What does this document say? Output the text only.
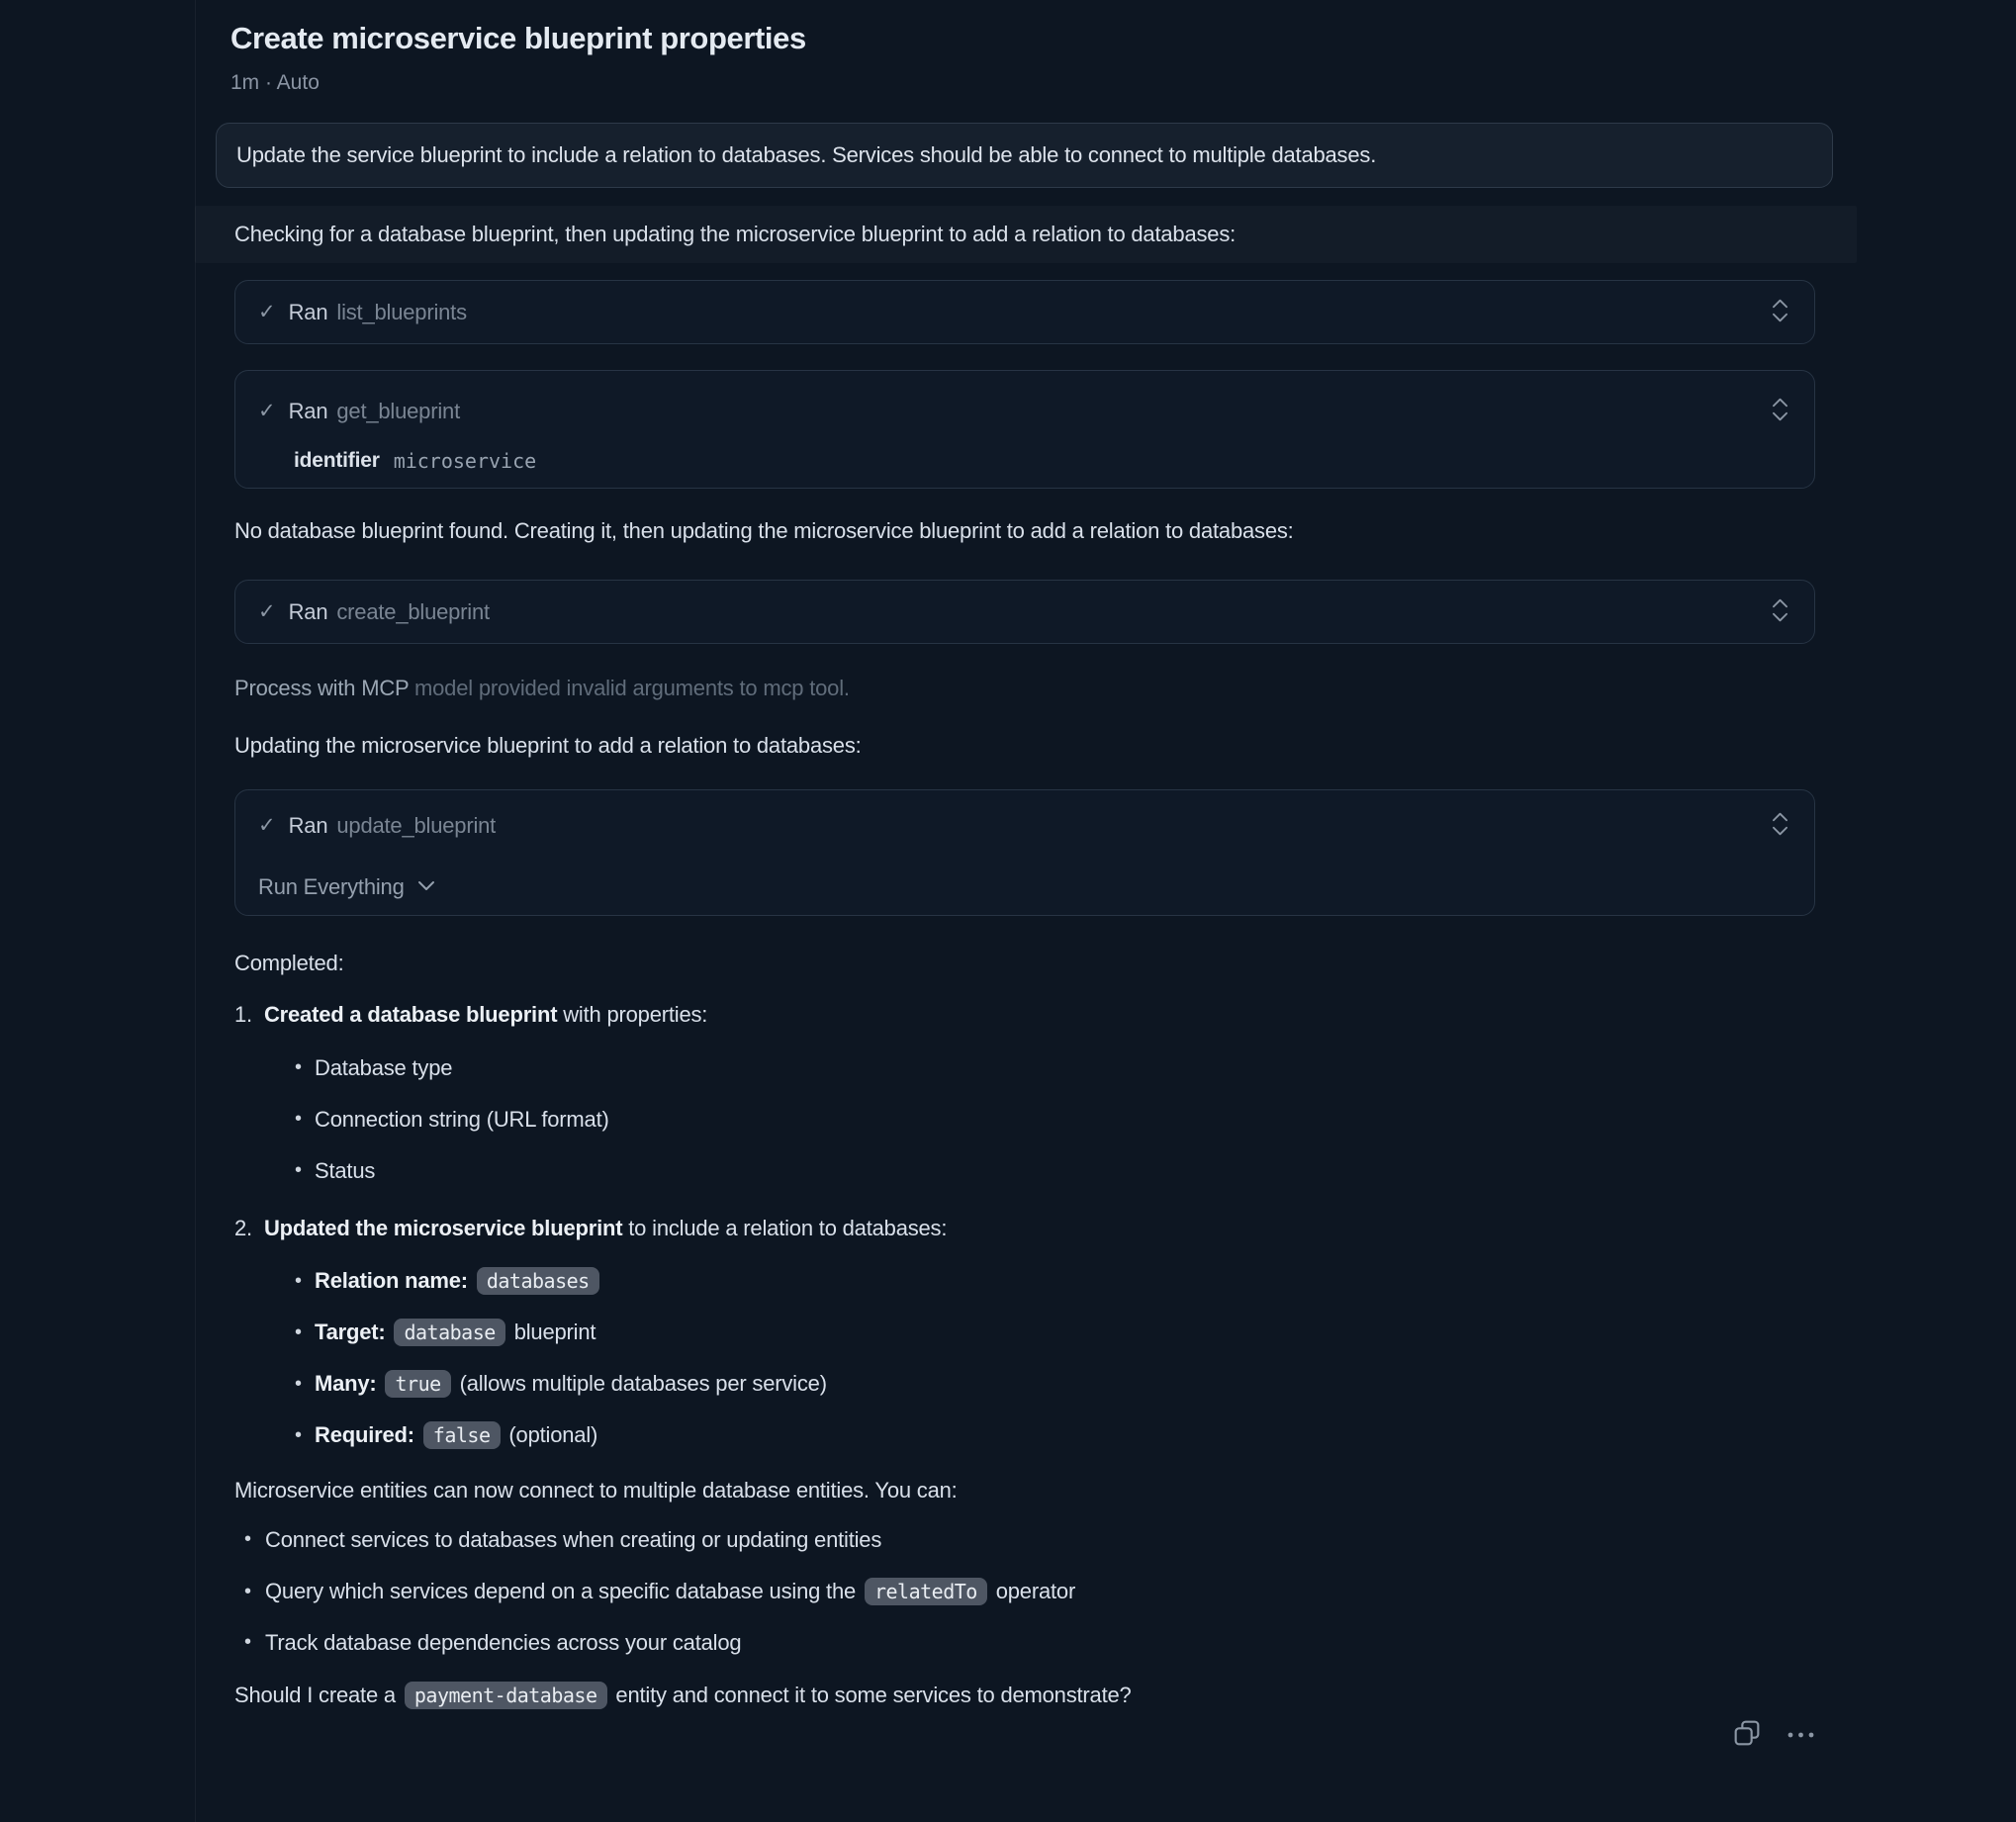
Create microservice blueprint properties
1m · Auto
Update the service blueprint to include a relation to databases. Services should be able to connect to multiple databases.

Checking for a database blueprint, then updating the microservice blueprint to add a relation to databases:

✓ Ran list_blueprints
✓ Ran get_blueprint
identifier microservice

No database blueprint found. Creating it, then updating the microservice blueprint to add a relation to databases:

✓ Ran create_blueprint

Process with MCP model provided invalid arguments to mcp tool.

Updating the microservice blueprint to add a relation to databases:

✓ Ran update_blueprint
Run Everything
Completed:
1. Created a database blueprint with properties:
• Database type
• Connection string (URL format)
• Status
2. Updated the microservice blueprint to include a relation to databases:
• Relation name: databases
• Target: database blueprint
• Many: true (allows multiple databases per service)
• Required: false (optional)
Microservice entities can now connect to multiple database entities. You can:
• Connect services to databases when creating or updating entities
• Query which services depend on a specific database using the relatedTo operator
• Track database dependencies across your catalog
Should I create a payment-database entity and connect it to some services to demonstrate?
